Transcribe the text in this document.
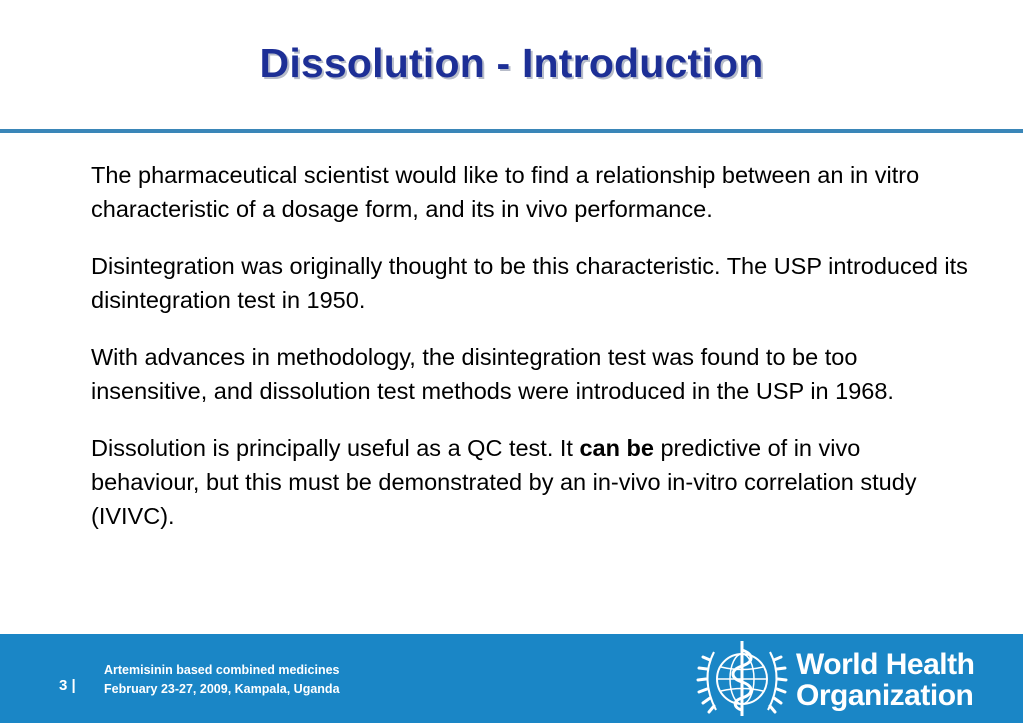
Dissolution - Introduction

The pharmaceutical scientist would like to find a relationship between an in vitro characteristic of a dosage form, and its in vivo performance.

Disintegration was originally thought to be this characteristic. The USP introduced its disintegration test in 1950.

With advances in methodology, the disintegration test was found to be too insensitive, and dissolution test methods were introduced in the USP in 1968.

Dissolution is principally useful as a QC test. It can be predictive of in vivo behaviour, but this must be demonstrated by an in-vivo in-vitro correlation study (IVIVC).

3 |
Artemisinin based combined medicines
February 23-27, 2009, Kampala, Uganda
World Health
Organization
